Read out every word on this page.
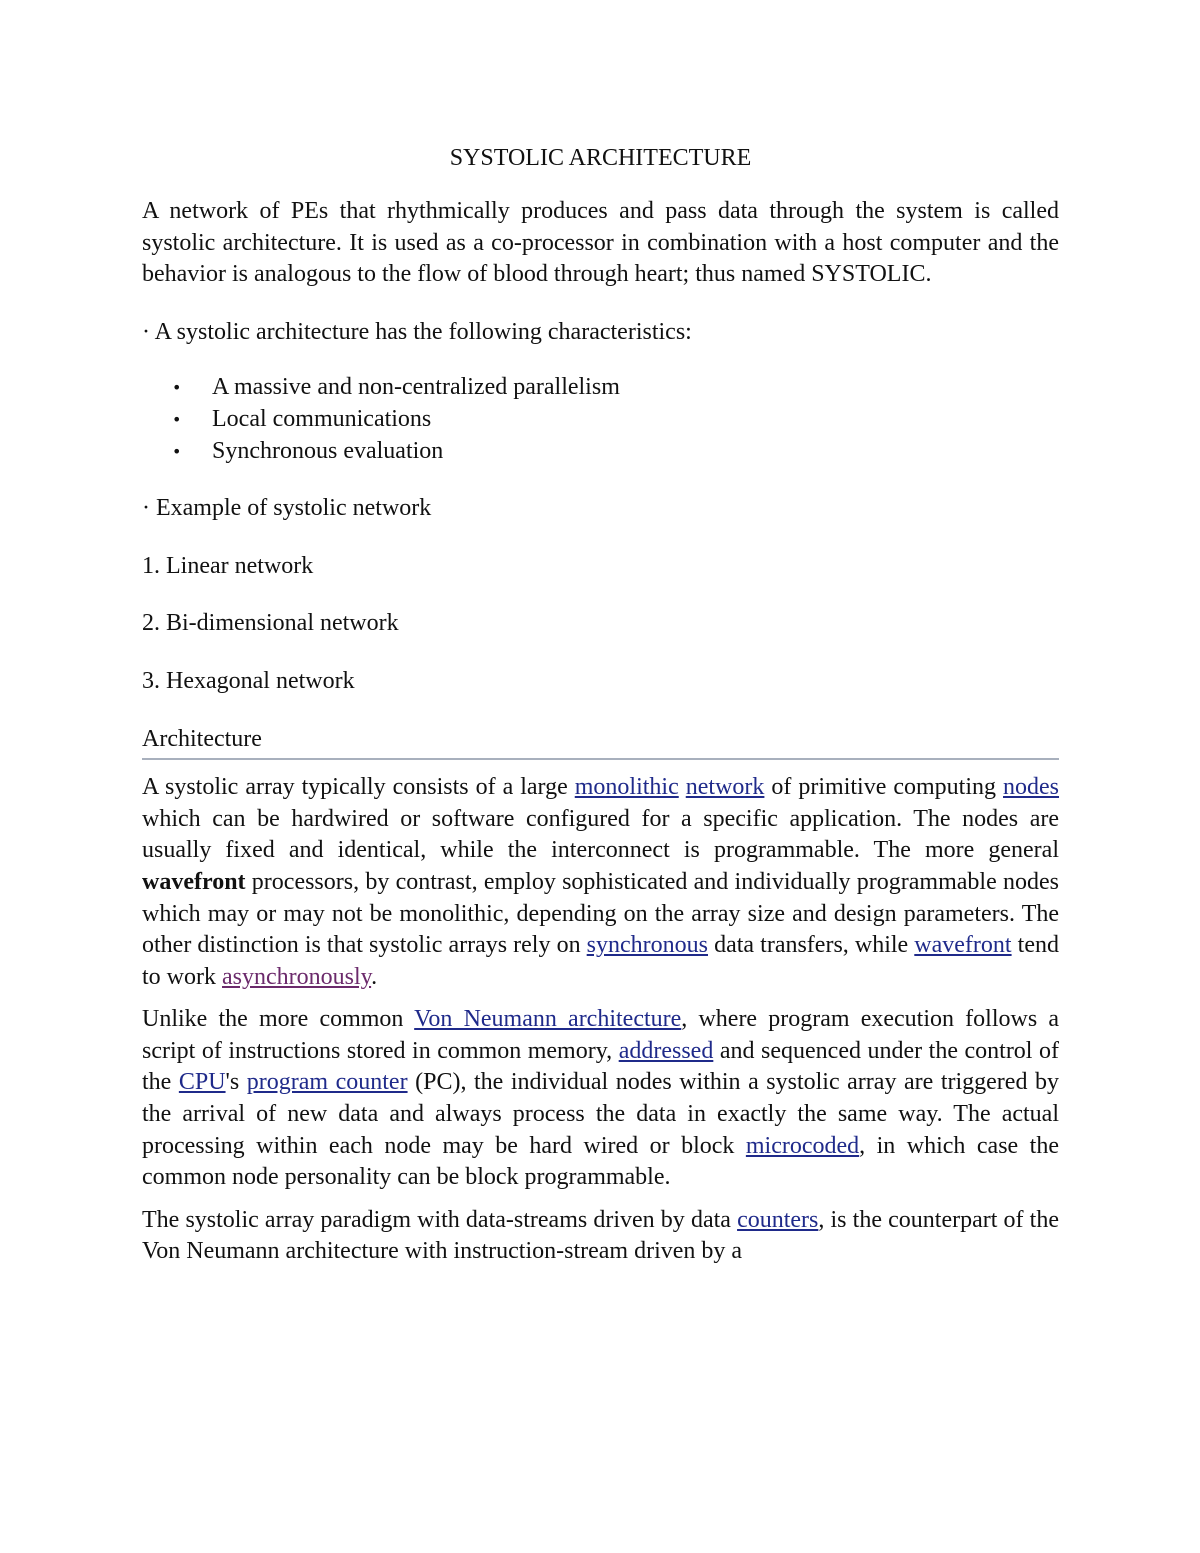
SYSTOLIC ARCHITECTURE

A network of PEs that rhythmically produces and pass data through the system is called systolic architecture. It is used as a co-processor in combination with a host computer and the behavior is analogous to the flow of blood through heart; thus named SYSTOLIC.

· A systolic architecture has the following characteristics:

• A massive and non-centralized parallelism
• Local communications
• Synchronous evaluation

· Example of systolic network

1. Linear network

2. Bi-dimensional network

3. Hexagonal network

Architecture

A systolic array typically consists of a large monolithic network of primitive computing nodes which can be hardwired or software configured for a specific application. The nodes are usually fixed and identical, while the interconnect is programmable. The more general wavefront processors, by contrast, employ sophisticated and individually programmable nodes which may or may not be monolithic, depending on the array size and design parameters. The other distinction is that systolic arrays rely on synchronous data transfers, while wavefront tend to work asynchronously.

Unlike the more common Von Neumann architecture, where program execution follows a script of instructions stored in common memory, addressed and sequenced under the control of the CPU's program counter (PC), the individual nodes within a systolic array are triggered by the arrival of new data and always process the data in exactly the same way. The actual processing within each node may be hard wired or block microcoded, in which case the common node personality can be block programmable.

The systolic array paradigm with data-streams driven by data counters, is the counterpart of the Von Neumann architecture with instruction-stream driven by a
